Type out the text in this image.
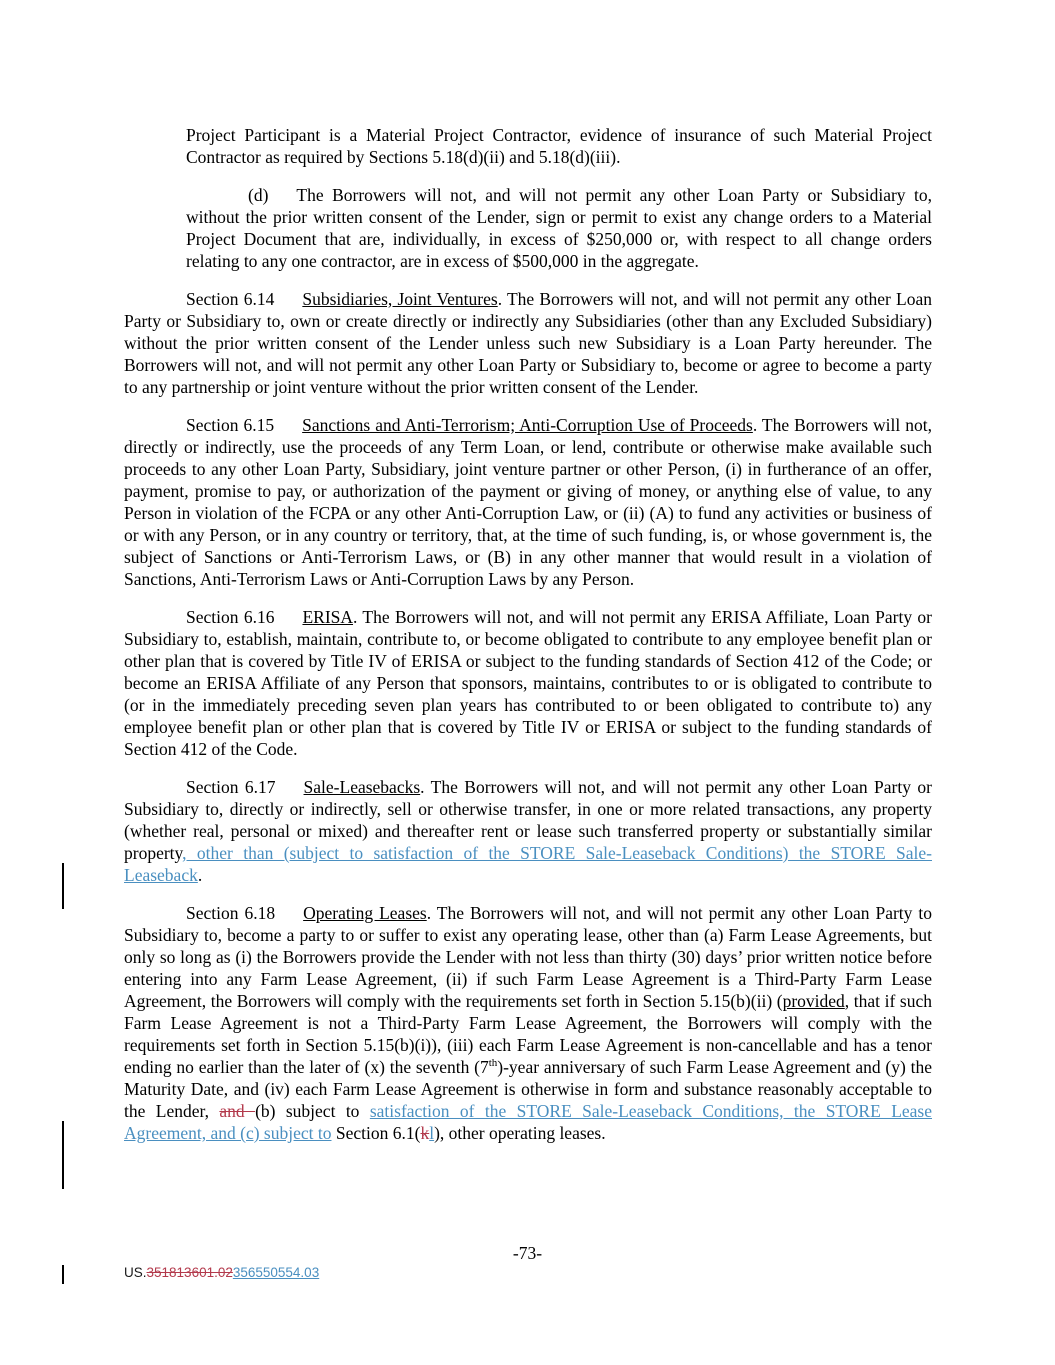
Project Participant is a Material Project Contractor, evidence of insurance of such Material Project Contractor as required by Sections 5.18(d)(ii) and 5.18(d)(iii).

(d) The Borrowers will not, and will not permit any other Loan Party or Subsidiary to, without the prior written consent of the Lender, sign or permit to exist any change orders to a Material Project Document that are, individually, in excess of $250,000 or, with respect to all change orders relating to any one contractor, are in excess of $500,000 in the aggregate.

Section 6.14 Subsidiaries, Joint Ventures. The Borrowers will not, and will not permit any other Loan Party or Subsidiary to, own or create directly or indirectly any Subsidiaries (other than any Excluded Subsidiary) without the prior written consent of the Lender unless such new Subsidiary is a Loan Party hereunder. The Borrowers will not, and will not permit any other Loan Party or Subsidiary to, become or agree to become a party to any partnership or joint venture without the prior written consent of the Lender.

Section 6.15 Sanctions and Anti-Terrorism; Anti-Corruption Use of Proceeds. The Borrowers will not, directly or indirectly, use the proceeds of any Term Loan, or lend, contribute or otherwise make available such proceeds to any other Loan Party, Subsidiary, joint venture partner or other Person, (i) in furtherance of an offer, payment, promise to pay, or authorization of the payment or giving of money, or anything else of value, to any Person in violation of the FCPA or any other Anti-Corruption Law, or (ii) (A) to fund any activities or business of or with any Person, or in any country or territory, that, at the time of such funding, is, or whose government is, the subject of Sanctions or Anti-Terrorism Laws, or (B) in any other manner that would result in a violation of Sanctions, Anti-Terrorism Laws or Anti-Corruption Laws by any Person.

Section 6.16 ERISA. The Borrowers will not, and will not permit any ERISA Affiliate, Loan Party or Subsidiary to, establish, maintain, contribute to, or become obligated to contribute to any employee benefit plan or other plan that is covered by Title IV of ERISA or subject to the funding standards of Section 412 of the Code; or become an ERISA Affiliate of any Person that sponsors, maintains, contributes to or is obligated to contribute to (or in the immediately preceding seven plan years has contributed to or been obligated to contribute to) any employee benefit plan or other plan that is covered by Title IV or ERISA or subject to the funding standards of Section 412 of the Code.

Section 6.17 Sale-Leasebacks. The Borrowers will not, and will not permit any other Loan Party or Subsidiary to, directly or indirectly, sell or otherwise transfer, in one or more related transactions, any property (whether real, personal or mixed) and thereafter rent or lease such transferred property or substantially similar property, other than (subject to satisfaction of the STORE Sale-Leaseback Conditions) the STORE Sale-Leaseback.

Section 6.18 Operating Leases. The Borrowers will not, and will not permit any other Loan Party to Subsidiary to, become a party to or suffer to exist any operating lease, other than (a) Farm Lease Agreements, but only so long as (i) the Borrowers provide the Lender with not less than thirty (30) days’ prior written notice before entering into any Farm Lease Agreement, (ii) if such Farm Lease Agreement is a Third-Party Farm Lease Agreement, the Borrowers will comply with the requirements set forth in Section 5.15(b)(ii) (provided, that if such Farm Lease Agreement is not a Third-Party Farm Lease Agreement, the Borrowers will comply with the requirements set forth in Section 5.15(b)(i)), (iii) each Farm Lease Agreement is non-cancellable and has a tenor ending no earlier than the later of (x) the seventh (7th)-year anniversary of such Farm Lease Agreement and (y) the Maturity Date, and (iv) each Farm Lease Agreement is otherwise in form and substance reasonably acceptable to the Lender, and (b) subject to satisfaction of the STORE Sale-Leaseback Conditions, the STORE Lease Agreement, and (c) subject to Section 6.1(kl), other operating leases.

-73-
US.351813601.02356550554.03
